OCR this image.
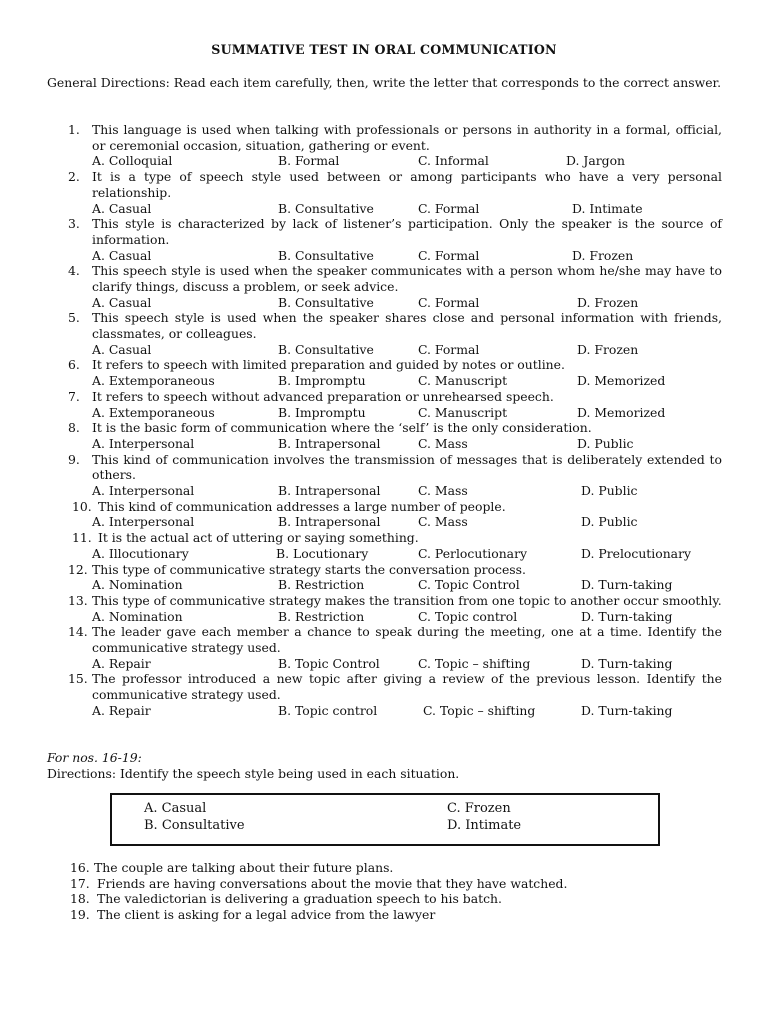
SUMMATIVE TEST IN ORAL COMMUNICATION
General Directions: Read each item carefully, then, write the letter that corresponds to the correct answer.
1. This language is used when talking with professionals or persons in authority in a formal, official, or ceremonial occasion, situation, gathering or event.
A. Colloquial	B. Formal	C. Informal	D. Jargon
2. It is a type of speech style used between or among participants who have a very personal relationship.
A. Casual	B. Consultative	C. Formal	D. Intimate
3. This style is characterized by lack of listener’s participation. Only the speaker is the source of information.
A. Casual	B. Consultative	C. Formal	D. Frozen
4. This speech style is used when the speaker communicates with a person whom he/she may have to clarify things, discuss a problem, or seek advice.
A. Casual	B. Consultative	C. Formal	D. Frozen
5. This speech style is used when the speaker shares close and personal information with friends, classmates, or colleagues.
A. Casual	B. Consultative	C. Formal	D. Frozen
6. It refers to speech with limited preparation and guided by notes or outline.
A. Extemporaneous	B. Impromptu	C. Manuscript	D. Memorized
7. It refers to speech without advanced preparation or unrehearsed speech.
A. Extemporaneous	B. Impromptu	C. Manuscript	D. Memorized
8. It is the basic form of communication where the ‘self’ is the only consideration.
A. Interpersonal	B. Intrapersonal	C. Mass	D. Public
9. This kind of communication involves the transmission of messages that is deliberately extended to others.
A. Interpersonal	B. Intrapersonal	C. Mass	D. Public
10. This kind of communication addresses a large number of people.
A. Interpersonal	B. Intrapersonal	C. Mass	D. Public
11. It is the actual act of uttering or saying something.
A. Illocutionary	B. Locutionary	C. Perlocutionary	D. Prelocutionary
12. This type of communicative strategy starts the conversation process.
A. Nomination	B. Restriction	C. Topic Control	D. Turn-taking
13. This type of communicative strategy makes the transition from one topic to another occur smoothly.
A. Nomination	B. Restriction	C. Topic control	D. Turn-taking
14. The leader gave each member a chance to speak during the meeting, one at a time. Identify the communicative strategy used.
A. Repair	B. Topic Control	C. Topic – shifting	D. Turn-taking
15. The professor introduced a new topic after giving a review of the previous lesson. Identify the communicative strategy used.
A. Repair	B. Topic control	C. Topic – shifting	D. Turn-taking
For nos. 16-19:
Directions: Identify the speech style being used in each situation.
A. Casual
B. Consultative
C. Frozen
D. Intimate
16. The couple are talking about their future plans.
17. Friends are having conversations about the movie that they have watched.
18. The valedictorian is delivering a graduation speech to his batch.
19. The client is asking for a legal advice from the lawyer
